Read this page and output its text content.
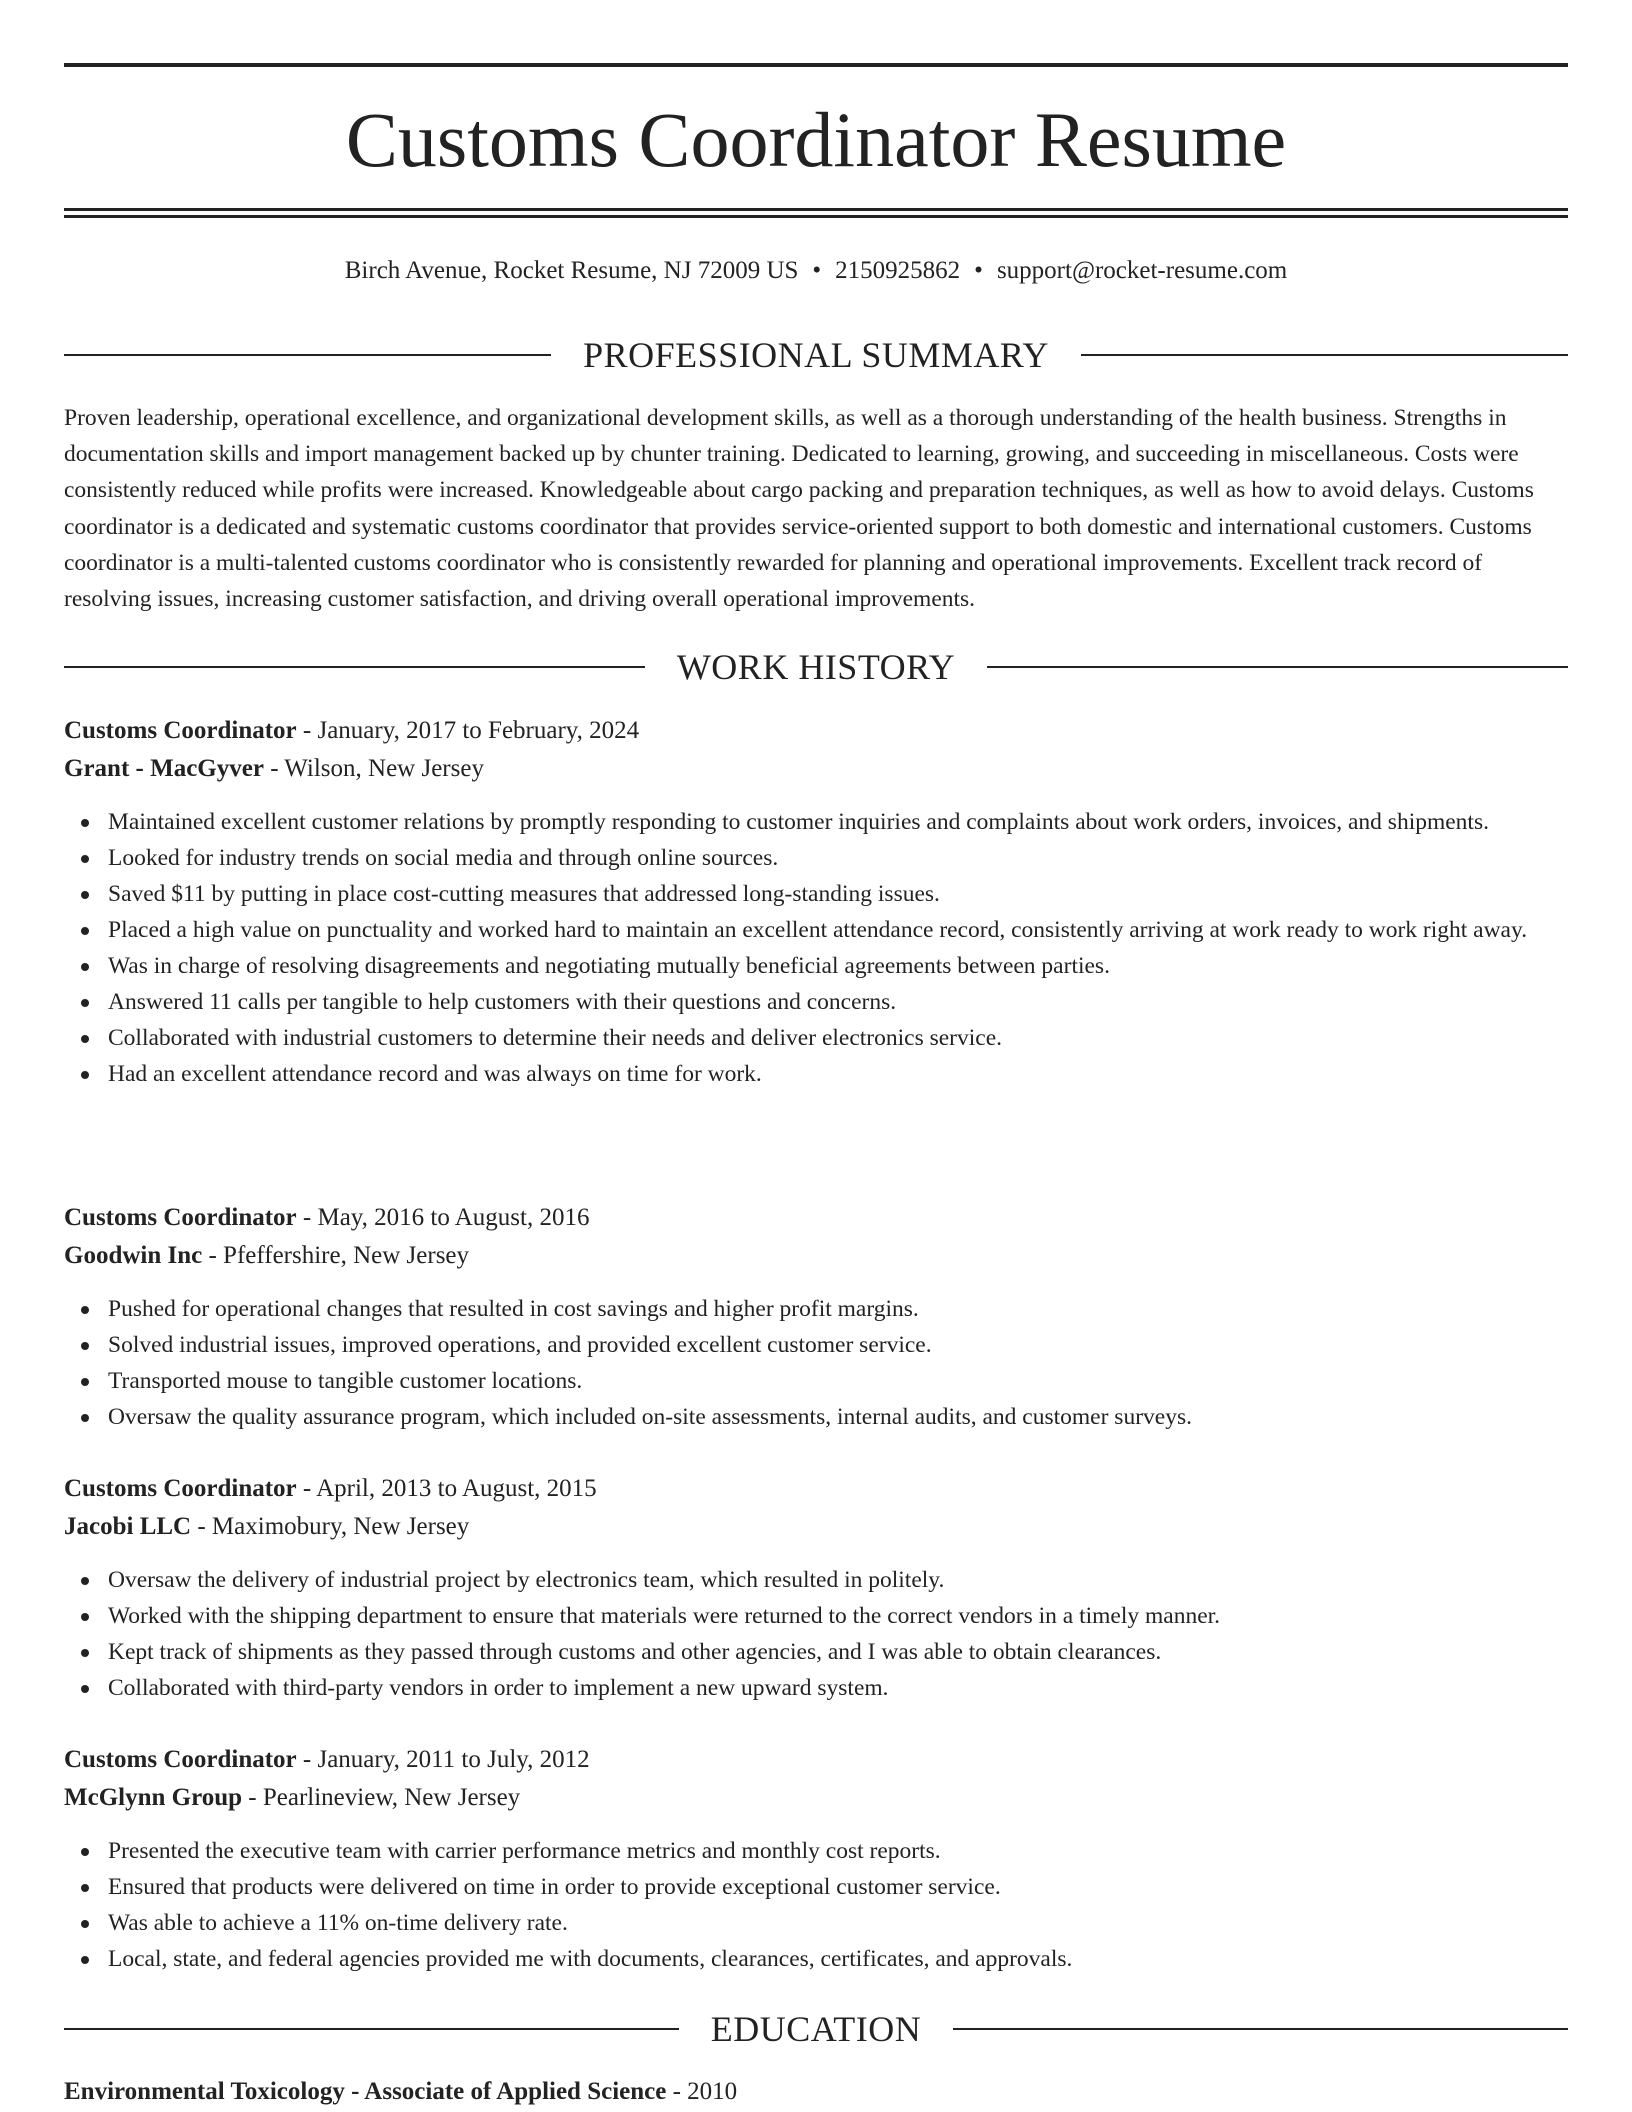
Customs Coordinator Resume
Birch Avenue, Rocket Resume, NJ 72009 US • 2150925862 • support@rocket-resume.com
PROFESSIONAL SUMMARY

Proven leadership, operational excellence, and organizational development skills, as well as a thorough understanding of the health business. Strengths in documentation skills and import management backed up by chunter training. Dedicated to learning, growing, and succeeding in miscellaneous. Costs were consistently reduced while profits were increased. Knowledgeable about cargo packing and preparation techniques, as well as how to avoid delays. Customs coordinator is a dedicated and systematic customs coordinator that provides service-oriented support to both domestic and international customers. Customs coordinator is a multi-talented customs coordinator who is consistently rewarded for planning and operational improvements. Excellent track record of resolving issues, increasing customer satisfaction, and driving overall operational improvements.

WORK HISTORY
Customs Coordinator - January, 2017 to February, 2024
Grant - MacGyver - Wilson, New Jersey
Maintained excellent customer relations by promptly responding to customer inquiries and complaints about work orders, invoices, and shipments.
Looked for industry trends on social media and through online sources.
Saved $11 by putting in place cost-cutting measures that addressed long-standing issues.
Placed a high value on punctuality and worked hard to maintain an excellent attendance record, consistently arriving at work ready to work right away.
Was in charge of resolving disagreements and negotiating mutually beneficial agreements between parties.
Answered 11 calls per tangible to help customers with their questions and concerns.
Collaborated with industrial customers to determine their needs and deliver electronics service.
Had an excellent attendance record and was always on time for work.
Customs Coordinator - May, 2016 to August, 2016
Goodwin Inc - Pfeffershire, New Jersey
Pushed for operational changes that resulted in cost savings and higher profit margins.
Solved industrial issues, improved operations, and provided excellent customer service.
Transported mouse to tangible customer locations.
Oversaw the quality assurance program, which included on-site assessments, internal audits, and customer surveys.
Customs Coordinator - April, 2013 to August, 2015
Jacobi LLC - Maximobury, New Jersey
Oversaw the delivery of industrial project by electronics team, which resulted in politely.
Worked with the shipping department to ensure that materials were returned to the correct vendors in a timely manner.
Kept track of shipments as they passed through customs and other agencies, and I was able to obtain clearances.
Collaborated with third-party vendors in order to implement a new upward system.
Customs Coordinator - January, 2011 to July, 2012
McGlynn Group - Pearlineview, New Jersey
Presented the executive team with carrier performance metrics and monthly cost reports.
Ensured that products were delivered on time in order to provide exceptional customer service.
Was able to achieve a 11% on-time delivery rate.
Local, state, and federal agencies provided me with documents, clearances, certificates, and approvals.
EDUCATION
Environmental Toxicology - Associate of Applied Science - 2010
